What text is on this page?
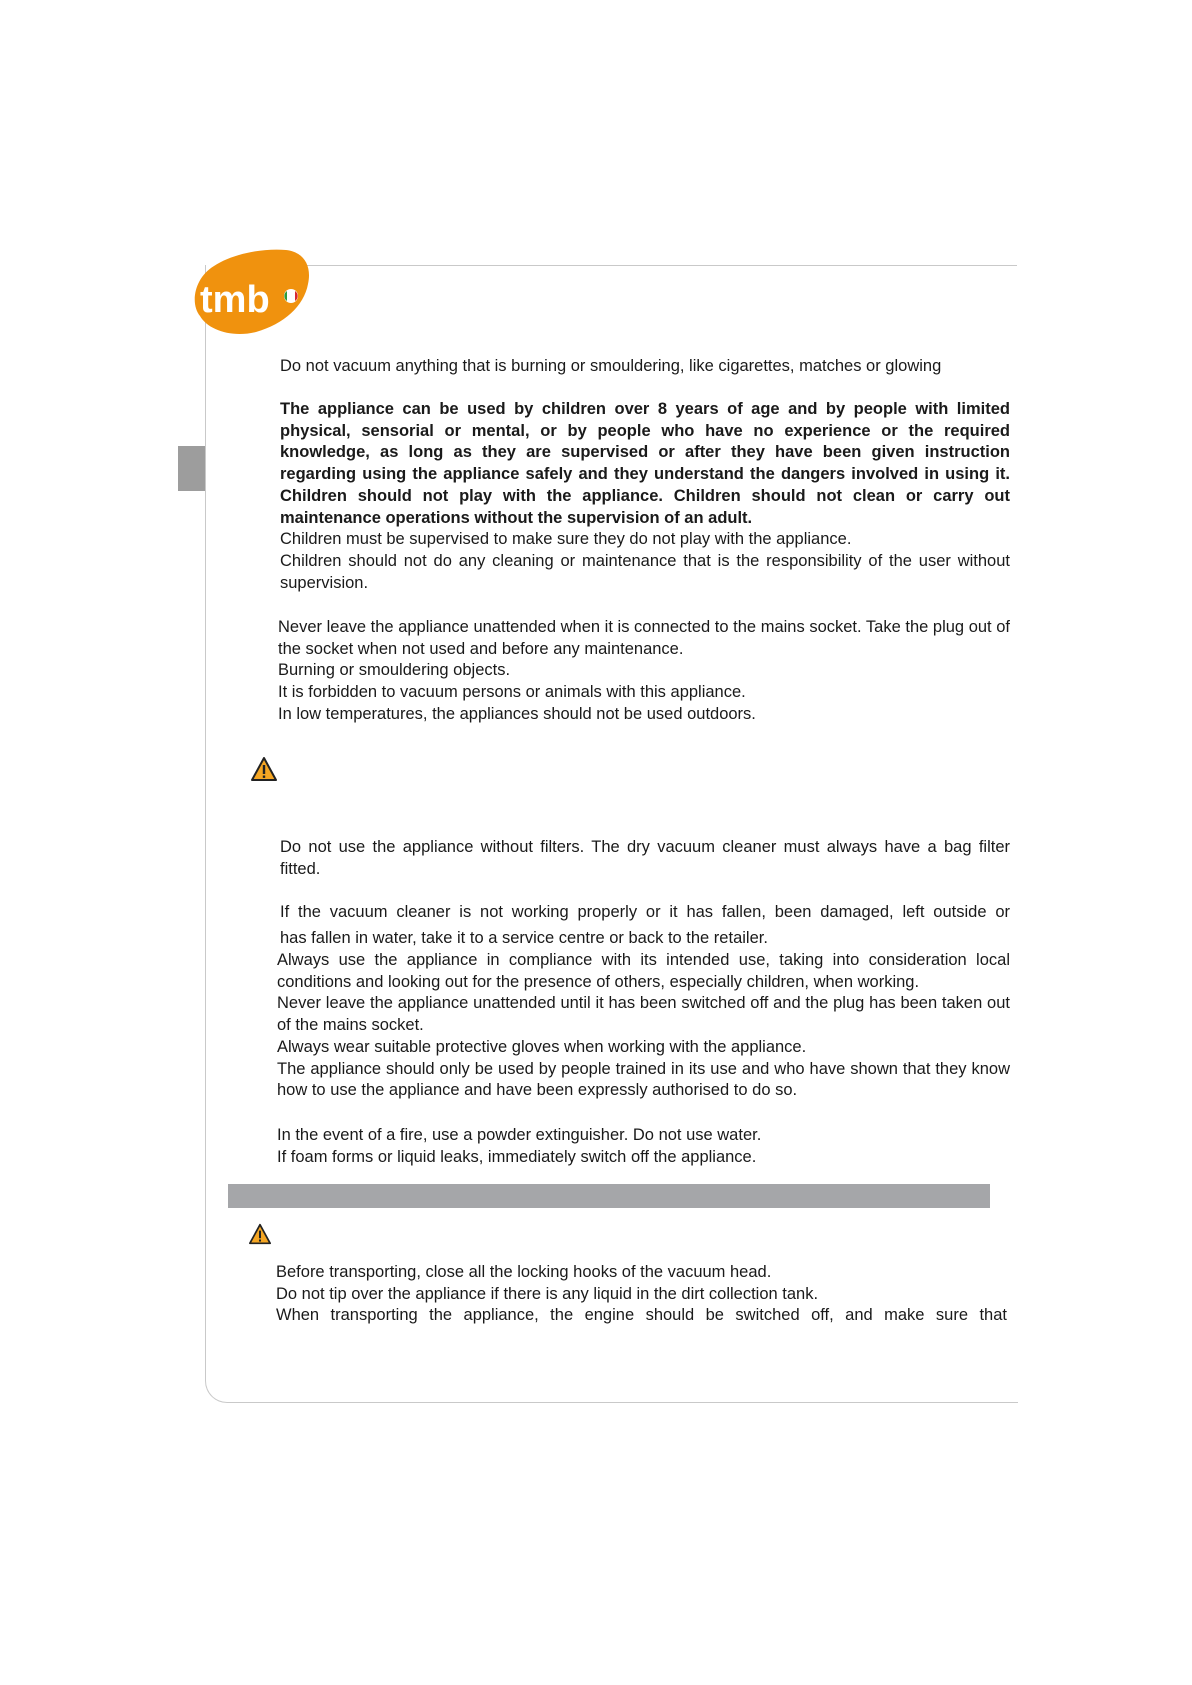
tmb

Do not vacuum anything that is burning or smouldering, like cigarettes, matches or glowing

The appliance can be used by children over 8 years of age and by people with limited physical, sensorial or mental, or by people who have no experience or the required knowledge, as long as they are supervised or after they have been given instruction regarding using the appliance safely and they understand the dangers involved in using it. Children should not play with the appliance. Children should not clean or carry out maintenance operations without the supervision of an adult.

Children must be supervised to make sure they do not play with the appliance.

Children should not do any cleaning or maintenance that is the responsibility of the user without supervision.

Never leave the appliance unattended when it is connected to the mains socket. Take the plug out of the socket when not used and before any maintenance.

Burning or smouldering objects.

It is forbidden to vacuum persons or animals with this appliance.

In low temperatures, the appliances should not be used outdoors.

Do not use the appliance without filters. The dry vacuum cleaner must always have a bag filter fitted.

If the vacuum cleaner is not working properly or it has fallen, been damaged, left outside or

has fallen in water, take it to a service centre or back to the retailer.

Always use the appliance in compliance with its intended use, taking into consideration local conditions and looking out for the presence of others, especially children, when working.

Never leave the appliance unattended until it has been switched off and the plug has been taken out of the mains socket.

Always wear suitable protective gloves when working with the appliance.

The appliance should only be used by people trained in its use and who have shown that they know how to use the appliance and have been expressly authorised to do so.

In the event of a fire, use a powder extinguisher. Do not use water.

If foam forms or liquid leaks, immediately switch off the appliance.

Before transporting, close all the locking hooks of the vacuum head.

Do not tip over the appliance if there is any liquid in the dirt collection tank.

When transporting the appliance, the engine should be switched off, and make sure that
